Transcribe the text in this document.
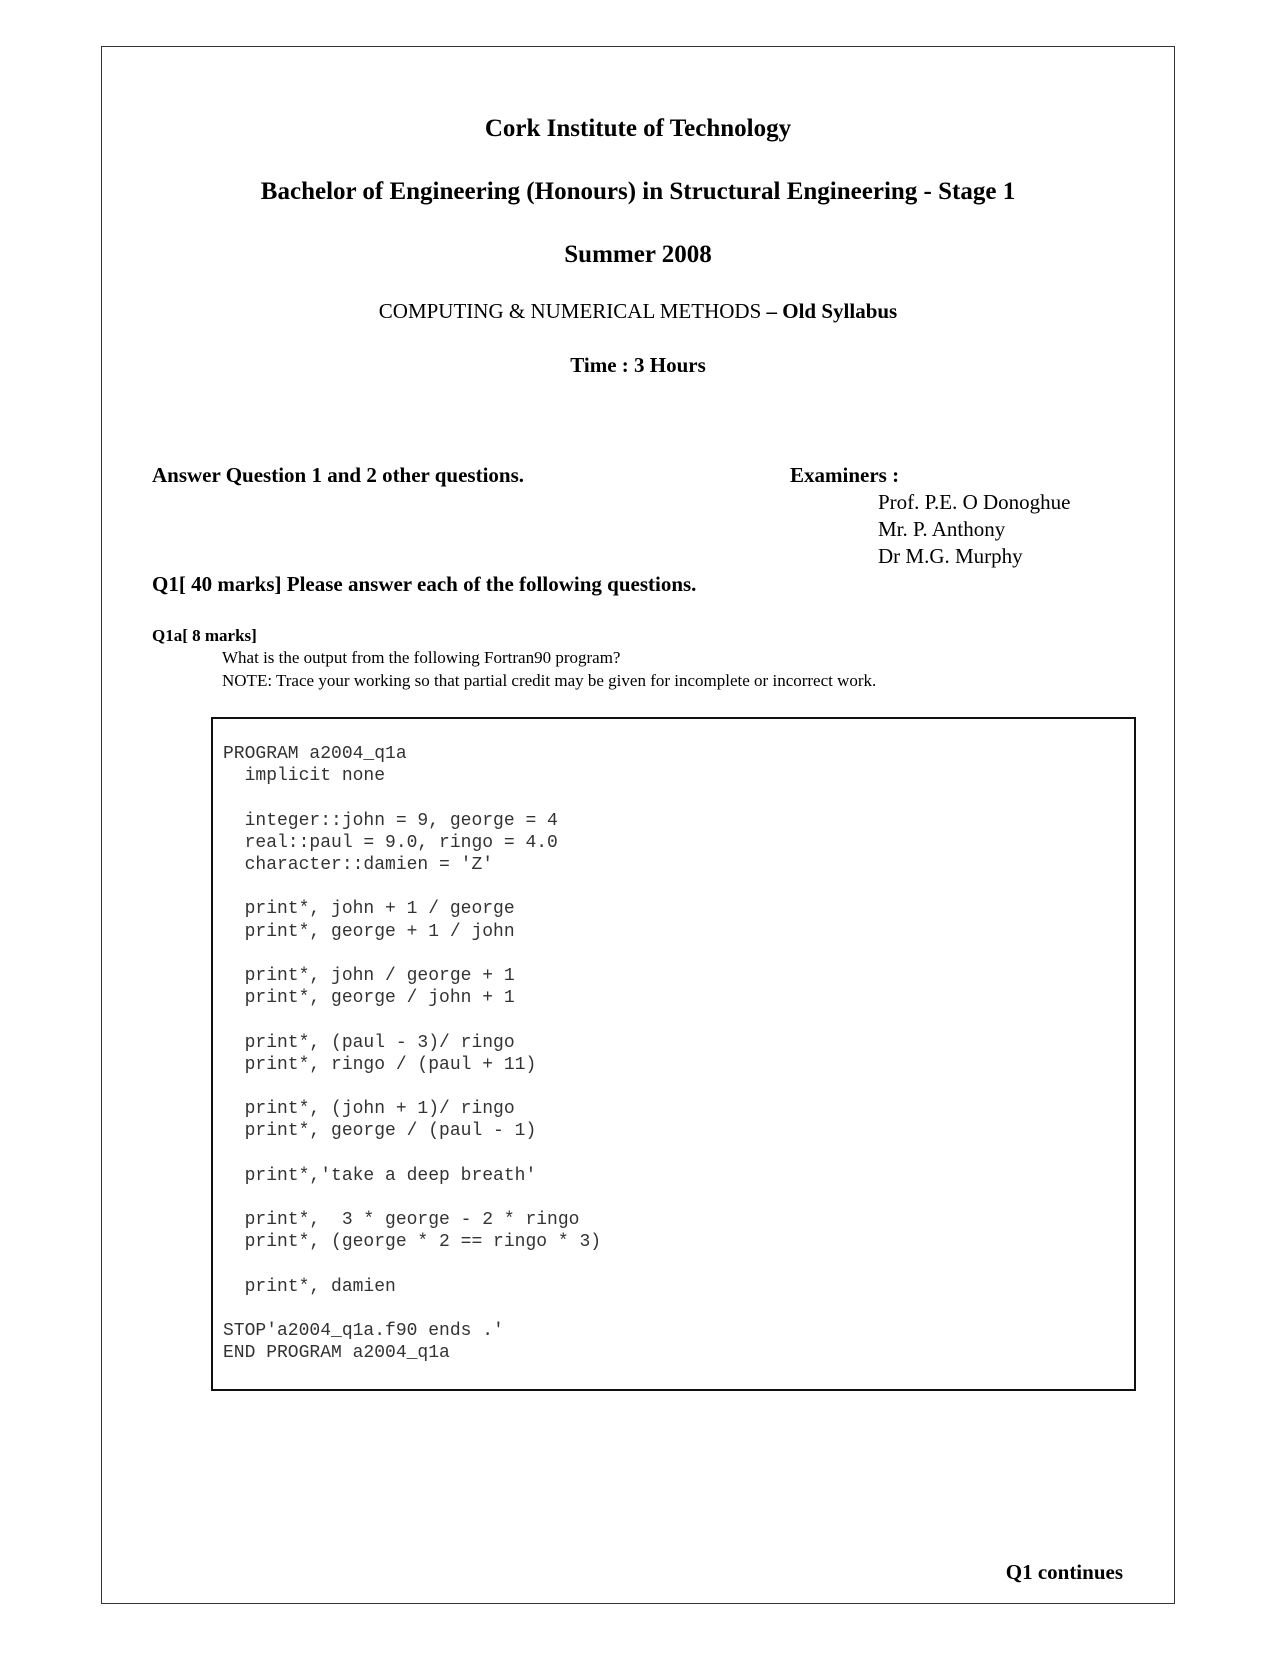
Cork Institute of Technology
Bachelor of Engineering (Honours) in Structural Engineering - Stage 1
Summer 2008
COMPUTING & NUMERICAL METHODS – Old Syllabus
Time : 3 Hours
Answer Question 1 and 2 other questions.	Examiners :
Prof. P.E. O Donoghue
Mr. P. Anthony
Dr M.G. Murphy
Q1[ 40 marks] Please answer each of the following questions.
Q1a[ 8 marks]
What is the output from the following Fortran90 program?
NOTE: Trace your working so that partial credit may be given for incomplete or incorrect work.
PROGRAM a2004_q1a
implicit none

integer::john = 9, george = 4
real::paul = 9.0, ringo = 4.0
character::damien = 'Z'

print*, john + 1 / george
print*, george + 1 / john

print*, john / george + 1
print*, george / john + 1

print*, (paul - 3)/ ringo
print*, ringo / (paul + 11)

print*, (john + 1)/ ringo
print*, george / (paul - 1)

print*,'take a deep breath'

print*,  3 * george - 2 * ringo
print*, (george * 2 == ringo * 3)

print*, damien

STOP'a2004_q1a.f90 ends .'
END PROGRAM a2004_q1a
Q1 continues
